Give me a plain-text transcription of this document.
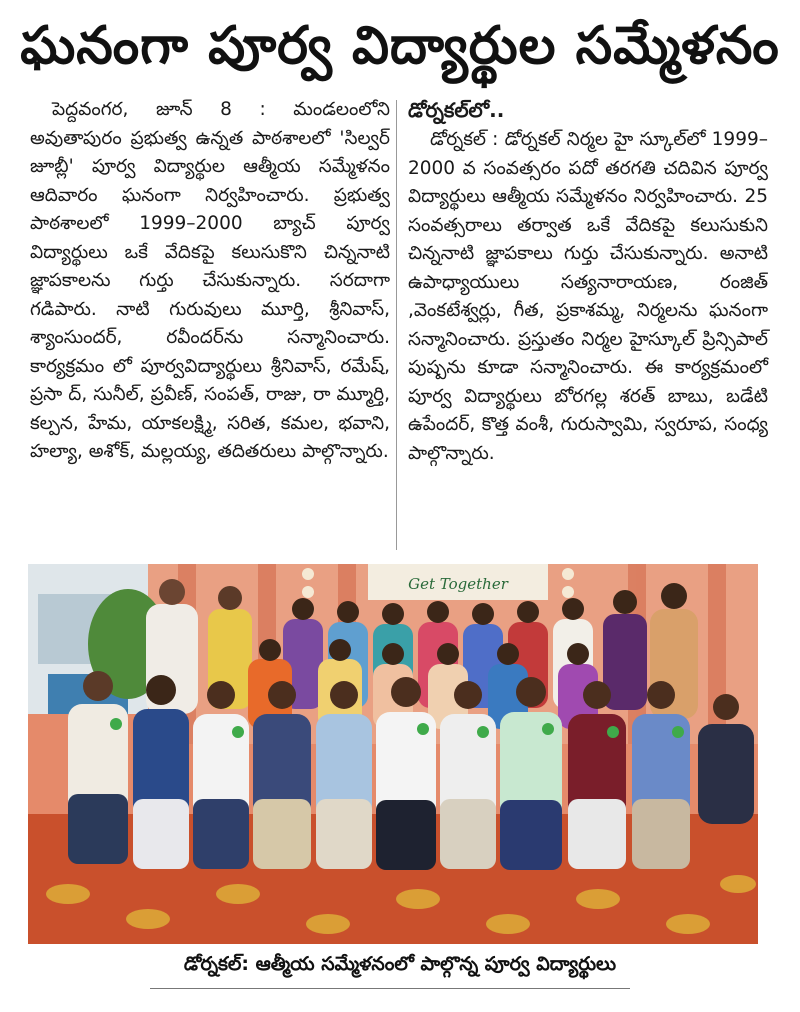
ఘనంగా పూర్వ విద్యార్థుల సమ్మేళనం
పెద్దవంగర, జూన్ 8 : మండలంలోని అవుతాపురం ప్రభుత్వ ఉన్నత పాఠశాలలో 'సిల్వర్ జూబ్లీ' పూర్వ విద్యార్థుల ఆత్మీయ సమ్మేళనం ఆదివారం ఘనంగా నిర్వహించారు. ప్రభుత్వ పాఠశాలలో 1999–2000 బ్యాచ్ పూర్వ విద్యార్థులు ఒకే వేదికపై కలుసుకొని చిన్ననాటి జ్ఞాపకాలను గుర్తు చేసుకున్నారు. సరదాగా గడిపారు. నాటి గురువులు మూర్తి, శ్రీనివాస్, శ్యాంసుందర్, రవీందర్‌ను సన్మానించారు. కార్యక్రమం లో పూర్వవిద్యార్థులు శ్రీనివాస్, రమేష్, ప్రసా ద్, సునీల్, ప్రవీణ్, సంపత్, రాజు, రా మ్మూర్తి, కల్పన, హేమ, యాకలక్ష్మి, సరిత, కమల, భవాని, హల్యా, అశోక్, మల్లయ్య, తదితరులు పాల్గొన్నారు.
డోర్నకల్‌లో..
డోర్నకల్ : డోర్నకల్ నిర్మల హై స్కూల్‌లో 1999–2000 వ సంవత్సరం పదో తరగతి చదివిన పూర్వ విద్యార్థులు ఆత్మీయ సమ్మేళనం నిర్వహించారు. 25 సంవత్సరాలు తర్వాత ఒకే వేదికపై కలుసుకుని చిన్ననాటి జ్ఞాపకాలు గుర్తు చేసుకున్నారు. అనాటి ఉపాధ్యాయులు సత్యనారాయణ, రంజిత్ ,వెంకటేశ్వర్లు, గీత, ప్రకాశమ్మ, నిర్మలను ఘనంగా సన్మానించారు. ప్రస్తుతం నిర్మల హైస్కూల్ ప్రిన్సిపాల్ పుష్పను కూడా సన్మానించారు. ఈ కార్యక్రమంలో పూర్వ విద్యార్థులు బోరగల్ల శరత్ బాబు, బడేటి ఉపేందర్, కొత్త వంశీ, గురుస్వామి, స్వరూప, సంధ్య పాల్గొన్నారు.
Get Together
డోర్నకల్: ఆత్మీయ సమ్మేళనంలో పాల్గొన్న పూర్వ విద్యార్థులు
